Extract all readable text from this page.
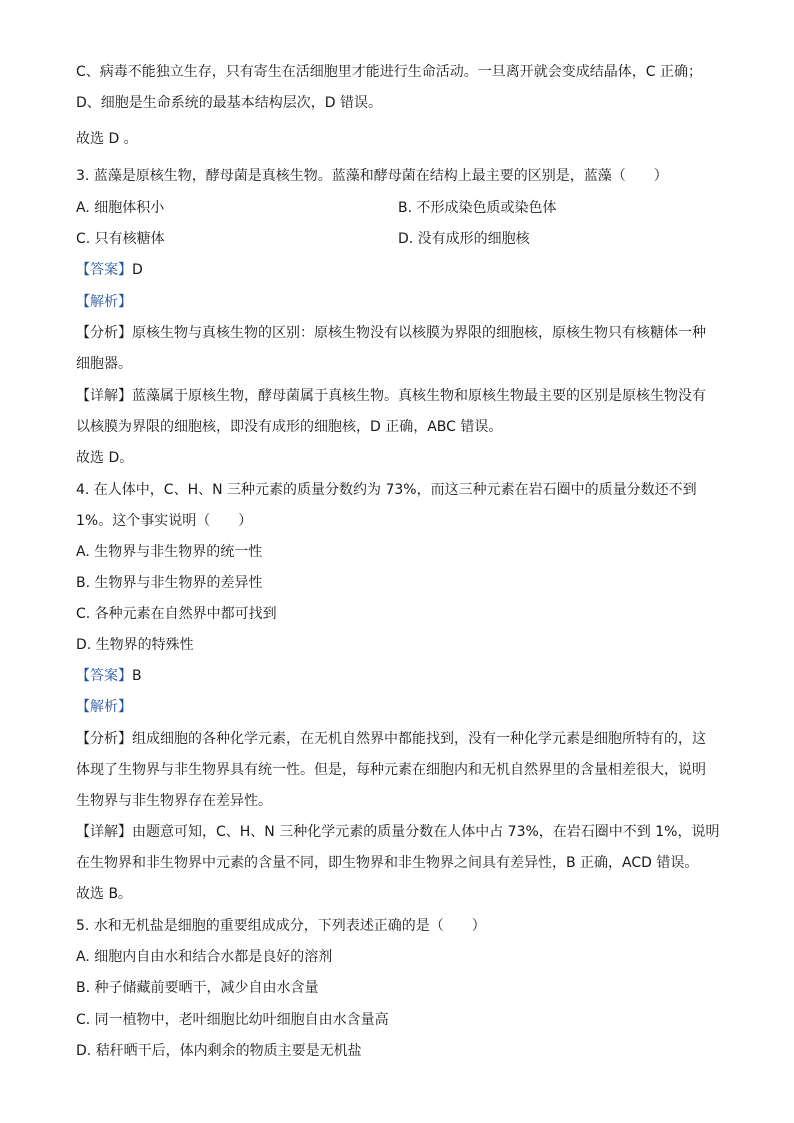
C、病毒不能独立生存，只有寄生在活细胞里才能进行生命活动。一旦离开就会变成结晶体，C 正确；
D、细胞是生命系统的最基本结构层次，D 错误。
故选 D 。
3. 蓝藻是原核生物，酵母菌是真核生物。蓝藻和酵母菌在结构上最主要的区别是，蓝藻（　　）
A. 细胞体积小	B. 不形成染色质或染色体
C. 只有核糖体	D. 没有成形的细胞核
【答案】D
【解析】
【分析】原核生物与真核生物的区别：原核生物没有以核膜为界限的细胞核，原核生物只有核糖体一种
细胞器。
【详解】蓝藻属于原核生物，酵母菌属于真核生物。真核生物和原核生物最主要的区别是原核生物没有
以核膜为界限的细胞核，即没有成形的细胞核，D 正确，ABC 错误。
故选 D。
4. 在人体中，C、H、N 三种元素的质量分数约为 73%，而这三种元素在岩石圈中的质量分数还不到
1%。这个事实说明（　　）
A. 生物界与非生物界的统一性
B. 生物界与非生物界的差异性
C. 各种元素在自然界中都可找到
D. 生物界的特殊性
【答案】B
【解析】
【分析】组成细胞的各种化学元素，在无机自然界中都能找到，没有一种化学元素是细胞所特有的，这
体现了生物界与非生物界具有统一性。但是，每种元素在细胞内和无机自然界里的含量相差很大，说明
生物界与非生物界存在差异性。
【详解】由题意可知，C、H、N 三种化学元素的质量分数在人体中占 73%，在岩石圈中不到 1%，说明
在生物界和非生物界中元素的含量不同，即生物界和非生物界之间具有差异性，B 正确，ACD 错误。
故选 B。
5. 水和无机盐是细胞的重要组成成分，下列表述正确的是（　　）
A. 细胞内自由水和结合水都是良好的溶剂
B. 种子储藏前要晒干，减少自由水含量
C. 同一植物中，老叶细胞比幼叶细胞自由水含量高
D. 秸秆晒干后，体内剩余的物质主要是无机盐
